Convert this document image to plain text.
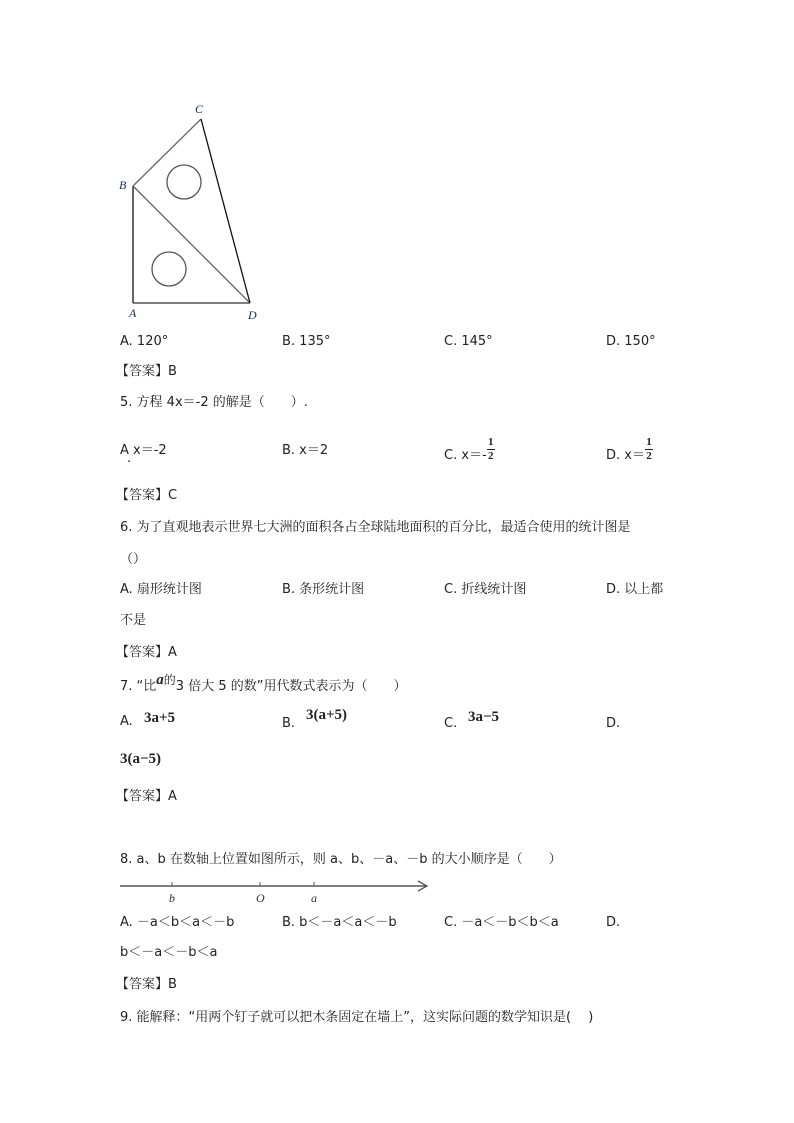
C
B
A	D
A. 120°	B. 135°	C. 145°	D. 150°
【答案】B
5. 方程 4x＝-2 的解是（　　）.
A x＝-2
·
B. x＝2	C. $x=- \frac{1}{2}$	D. $x= \frac{1}{2}$
【答案】C
6. 为了直观地表示世界七大洲的面积各占全球陆地面积的百分比，最适合使用的统计图是
（）
A. 扇形统计图	B. 条形统计图	C. 折线统计图	D. 以上都
不是
【答案】A
7. “比a的3 倍大 5 的数”用代数式表示为（　　）
A. 3a+5	B.
3(a+5)
C. 3a−5	D.
3(a−5)
【答案】A
8. a、b 在数轴上位置如图所示，则 a、b、－a、－b 的大小顺序是（　　）
b	O	a
A. －a＜b＜a＜－b	B. b＜－a＜a＜－b	C. －a＜－b＜b＜a	D.
b＜－a＜－b＜a
【答案】B
9. 能解释：“用两个钉子就可以把木条固定在墙上”，这实际问题的数学知识是(　 )
